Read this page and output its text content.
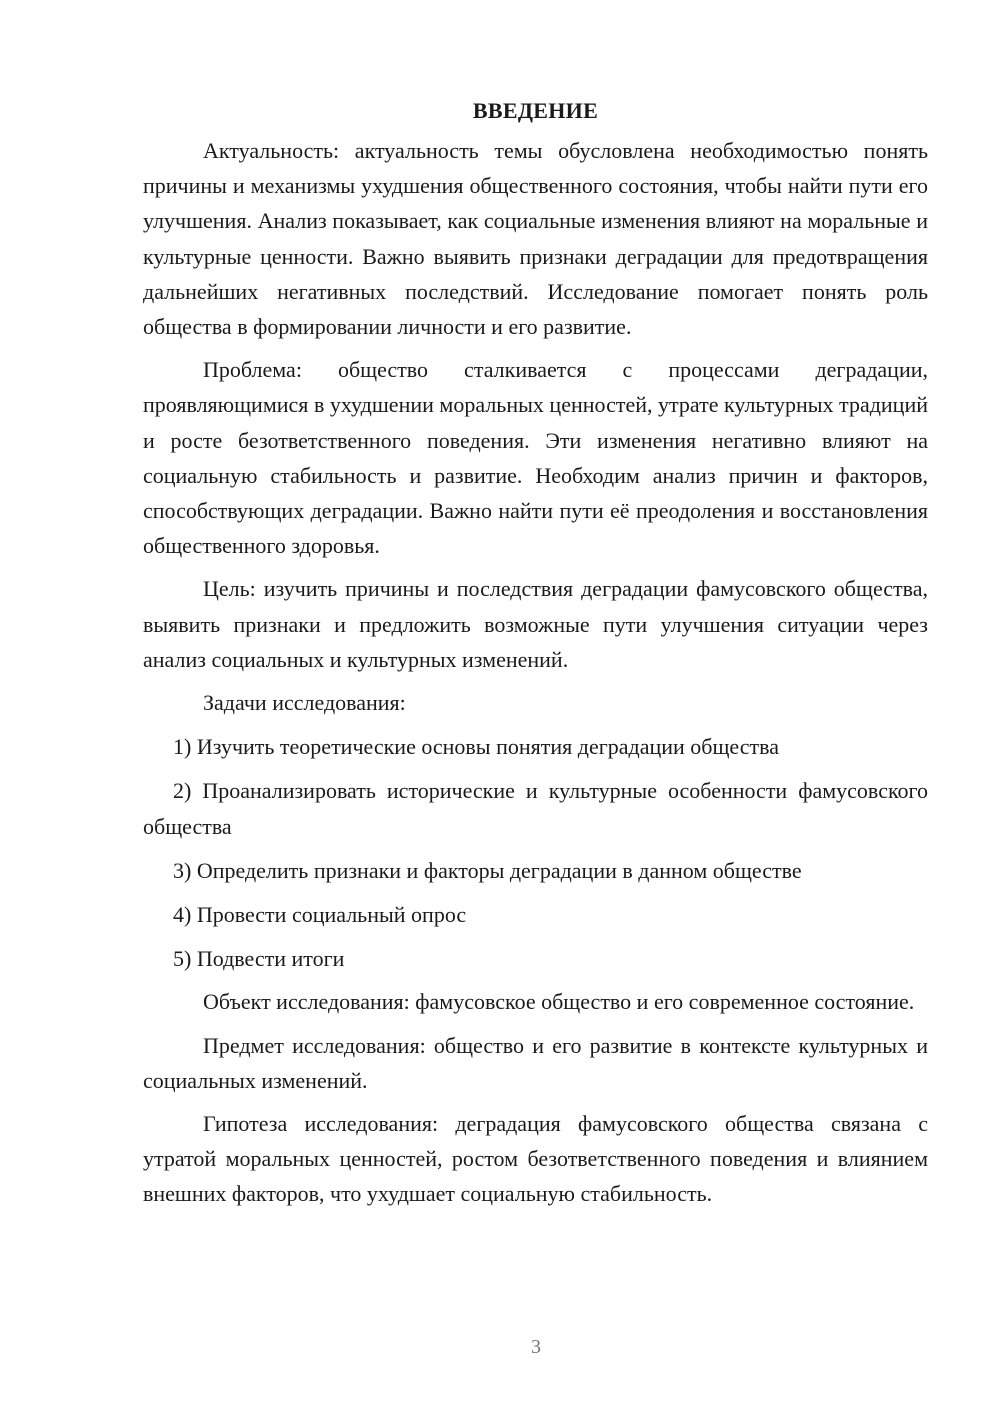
ВВЕДЕНИЕ

Актуальность: актуальность темы обусловлена необходимостью понять причины и механизмы ухудшения общественного состояния, чтобы найти пути его улучшения. Анализ показывает, как социальные изменения влияют на моральные и культурные ценности. Важно выявить признаки деградации для предотвращения дальнейших негативных последствий. Исследование помогает понять роль общества в формировании личности и его развитие.

Проблема: общество сталкивается с процессами деградации, проявляющимися в ухудшении моральных ценностей, утрате культурных традиций и росте безответственного поведения. Эти изменения негативно влияют на социальную стабильность и развитие. Необходим анализ причин и факторов, способствующих деградации. Важно найти пути её преодоления и восстановления общественного здоровья.

Цель: изучить причины и последствия деградации фамусовского общества, выявить признаки и предложить возможные пути улучшения ситуации через анализ социальных и культурных изменений.

Задачи исследования:

1) Изучить теоретические основы понятия деградации общества

2) Проанализировать исторические и культурные особенности фамусовского общества

3) Определить признаки и факторы деградации в данном обществе

4) Провести социальный опрос

5) Подвести итоги

Объект исследования: фамусовское общество и его современное состояние.

Предмет исследования: общество и его развитие в контексте культурных и социальных изменений.

Гипотеза исследования: деградация фамусовского общества связана с утратой моральных ценностей, ростом безответственного поведения и влиянием внешних факторов, что ухудшает социальную стабильность.

3
